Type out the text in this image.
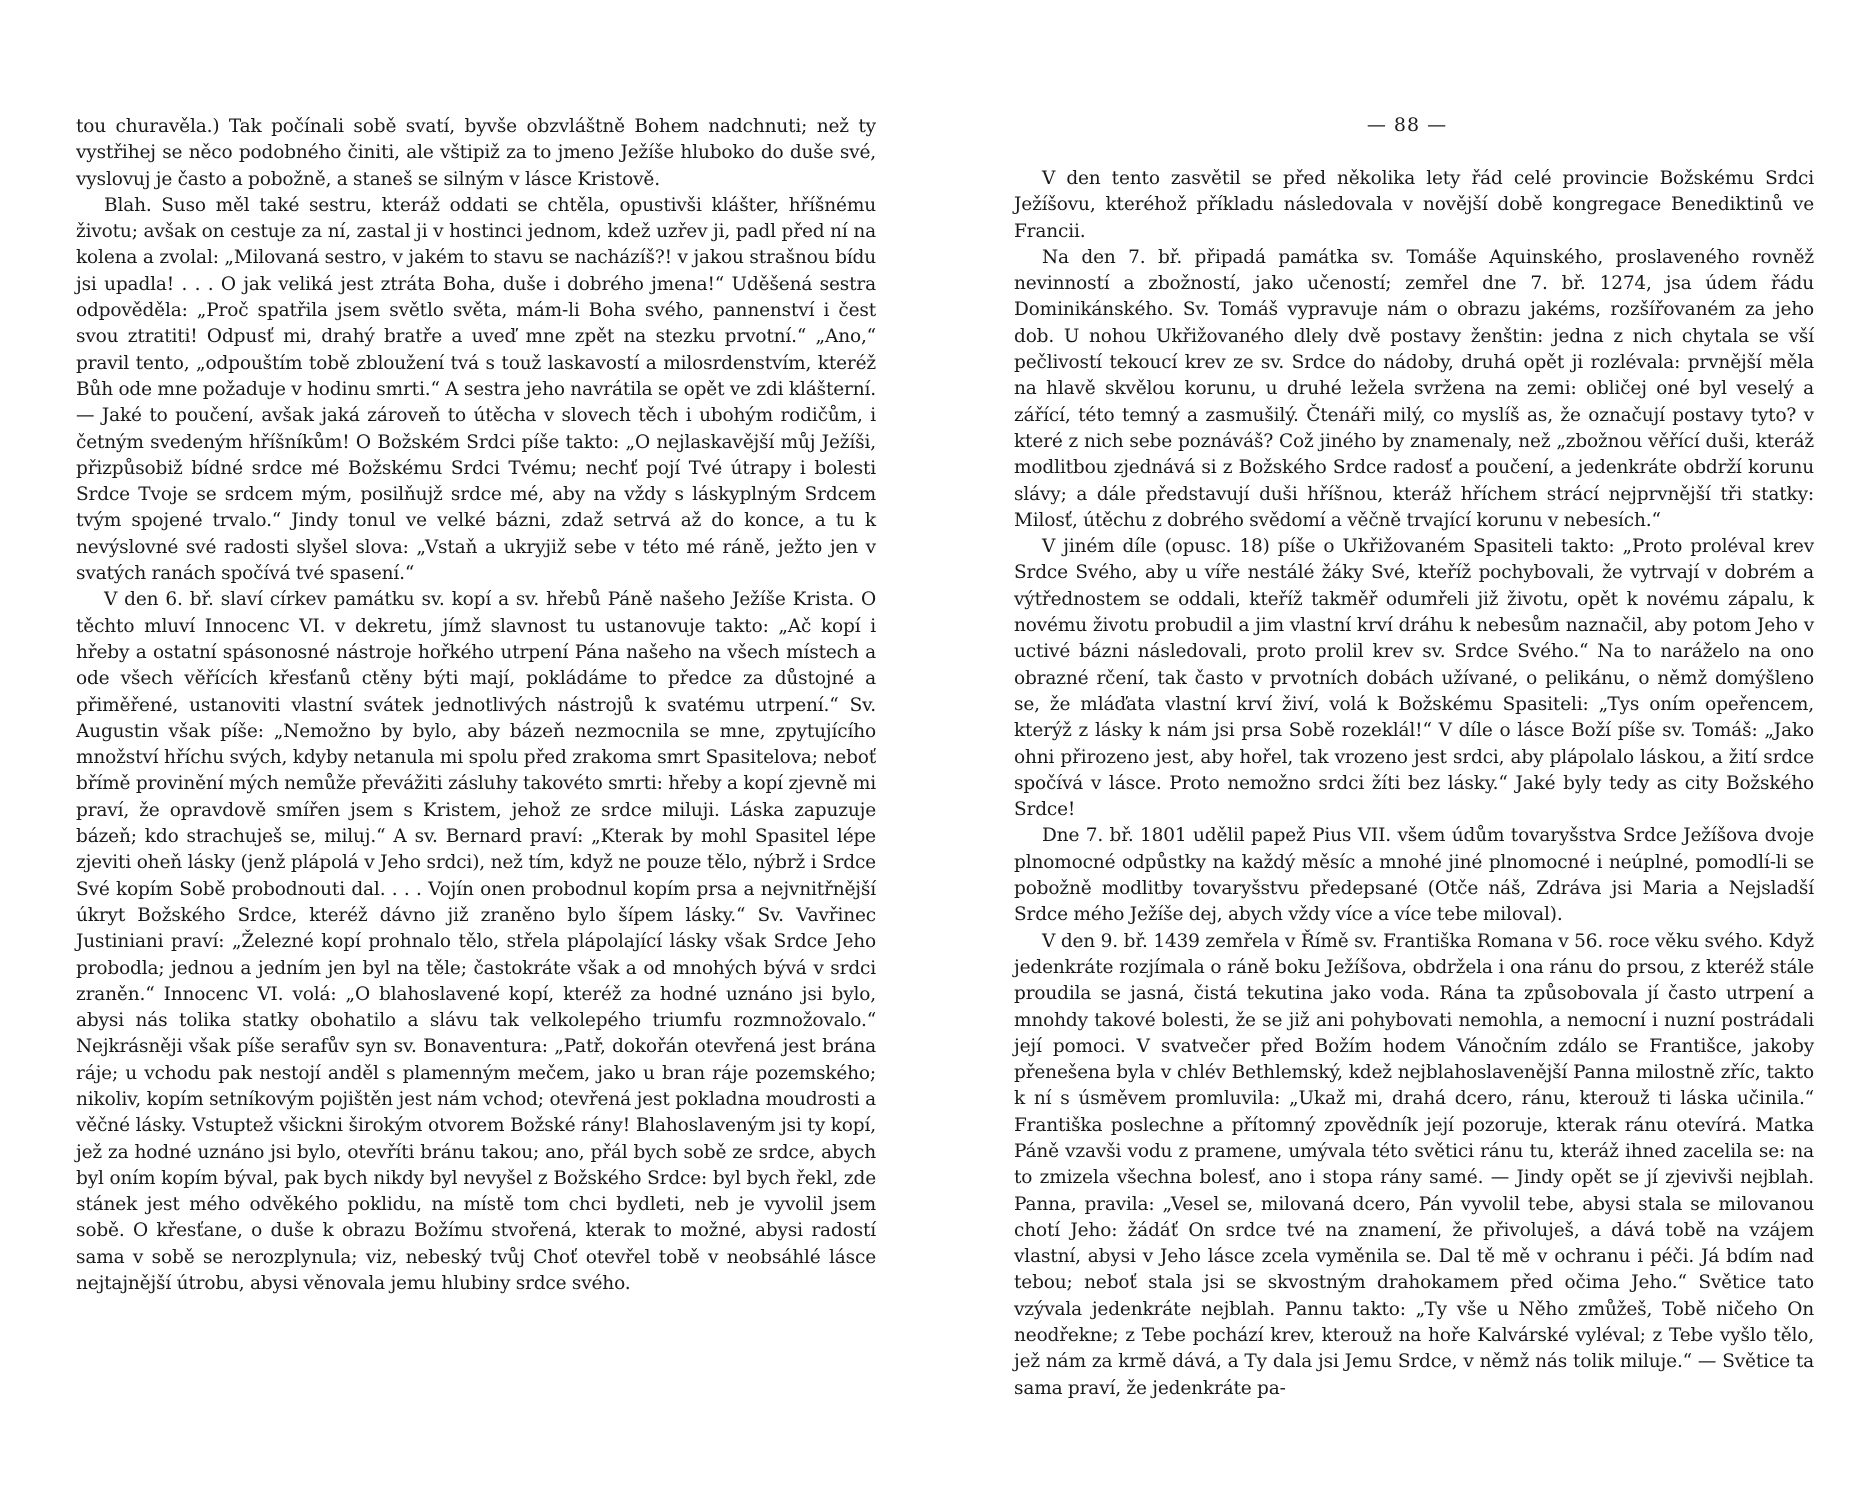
tou churavěla.) Tak počínali sobě svatí, byvše obzvláštně Bohem nadchnuti; než ty vystřihej se něco podobného činiti, ale vštipiž za to jmeno Ježíše hluboko do duše své, vyslovuj je často a pobožně, a staneš se silným v lásce Kristově.

Blah. Suso měl také sestru, kteráž oddati se chtěla, opustivši klášter, hříšnému životu; avšak on cestuje za ní, zastal ji v hostinci jednom, kdež uzřev ji, padl před ní na kolena a zvolal: „Milovaná sestro, v jakém to stavu se nacházíš?! v jakou strašnou bídu jsi upadla! . . . O jak veliká jest ztráta Boha, duše i dobrého jmena!“ Uděšená sestra odpověděla: „Proč spatřila jsem světlo světa, mám-li Boha svého, pannenství i čest svou ztratiti! Odpusť mi, drahý bratře a uveď mne zpět na stezku prvotní.“ „Ano,“ pravil tento, „odpouštím tobě zbloužení tvá s touž laskavostí a milosrdenstvím, kteréž Bůh ode mne požaduje v hodinu smrti.“ A sestra jeho navrátila se opět ve zdi klášterní. — Jaké to poučení, avšak jaká zároveň to útěcha v slovech těch i ubohým rodičům, i četným svedeným hříšníkům! O Božském Srdci píše takto: „O nejlaskavější můj Ježíši, přizpůsobiž bídné srdce mé Božskému Srdci Tvému; nechť pojí Tvé útrapy i bolesti Srdce Tvoje se srdcem mým, posilňujž srdce mé, aby na vždy s láskyplným Srdcem tvým spojené trvalo.“ Jindy tonul ve velké bázni, zdaž setrvá až do konce, a tu k nevýslovné své radosti slyšel slova: „Vstaň a ukryjiž sebe v této mé ráně, ježto jen v svatých ranách spočívá tvé spasení.“

V den 6. bř. slaví církev památku sv. kopí a sv. hřebů Páně našeho Ježíše Krista. O těchto mluví Innocenc VI. v dekretu, jímž slavnost tu ustanovuje takto: „Ač kopí i hřeby a ostatní spásonosné nástroje hořkého utrpení Pána našeho na všech místech a ode všech věřících křesťanů ctěny býti mají, pokládáme to předce za důstojné a přiměřené, ustanoviti vlastní svátek jednotlivých nástrojů k svatému utrpení.“ Sv. Augustin však píše: „Nemožno by bylo, aby bázeň nezmocnila se mne, zpytujícího množství hříchu svých, kdyby netanula mi spolu před zrakoma smrt Spasitelova; neboť břímě provinění mých nemůže převážiti zásluhy takovéto smrti: hřeby a kopí zjevně mi praví, že opravdově smířen jsem s Kristem, jehož ze srdce miluji. Láska zapuzuje bázeň; kdo strachuješ se, miluj.“ A sv. Bernard praví: „Kterak by mohl Spasitel lépe zjeviti oheň lásky (jenž plápolá v Jeho srdci), než tím, když ne pouze tělo, nýbrž i Srdce Své kopím Sobě probodnouti dal. . . . Vojín onen probodnul kopím prsa a nejvnitřnější úkryt Božského Srdce, kteréž dávno již zraněno bylo šípem lásky.“ Sv. Vavřinec Justiniani praví: „Železné kopí prohnalo tělo, střela plápolající lásky však Srdce Jeho probodla; jednou a jedním jen byl na těle; častokráte však a od mnohých bývá v srdci zraněn.“ Innocenc VI. volá: „O blahoslavené kopí, kteréž za hodné uznáno jsi bylo, abysi nás tolika statky obohatilo a slávu tak velkolepého triumfu rozmnožovalo.“ Nejkrásněji však píše serafův syn sv. Bonaventura: „Patř, dokořán otevřená jest brána ráje; u vchodu pak nestojí anděl s plamenným mečem, jako u bran ráje pozemského; nikoliv, kopím setníkovým pojištěn jest nám vchod; otevřená jest pokladna moudrosti a věčné lásky. Vstuptež všickni širokým otvorem Božské rány! Blahoslaveným jsi ty kopí, jež za hodné uznáno jsi bylo, otevříti bránu takou; ano, přál bych sobě ze srdce, abych byl oním kopím býval, pak bych nikdy byl nevyšel z Božského Srdce: byl bych řekl, zde stánek jest mého odvěkého poklidu, na místě tom chci bydleti, neb je vyvolil jsem sobě. O křesťane, o duše k obrazu Božímu stvořená, kterak to možné, abysi radostí sama v sobě se nerozplynula; viz, nebeský tvůj Choť otevřel tobě v neobsáhlé lásce nejtajnější útrobu, abysi věnovala jemu hlubiny srdce svého.

— 88 —

V den tento zasvětil se před několika lety řád celé provincie Božskému Srdci Ježíšovu, kteréhož příkladu následovala v novější době kongregace Benediktinů ve Francii.

Na den 7. bř. připadá památka sv. Tomáše Aquinského, proslaveného rovněž nevinností a zbožností, jako učeností; zemřel dne 7. bř. 1274, jsa údem řádu Dominikánského. Sv. Tomáš vypravuje nám o obrazu jakéms, rozšířovaném za jeho dob. U nohou Ukřižovaného dlely dvě postavy ženštin: jedna z nich chytala se vší pečlivostí tekoucí krev ze sv. Srdce do nádoby, druhá opět ji rozlévala: prvnější měla na hlavě skvělou korunu, u druhé ležela svržena na zemi: obličej oné byl veselý a zářící, této temný a zasmušilý. Čtenáři milý, co myslíš as, že označují postavy tyto? v které z nich sebe poznáváš? Což jiného by znamenaly, než „zbožnou věřící duši, kteráž modlitbou zjednává si z Božského Srdce radosť a poučení, a jedenkráte obdrží korunu slávy; a dále představují duši hříšnou, kteráž hříchem strácí nejprvnější tři statky: Milosť, útěchu z dobrého svědomí a věčně trvající korunu v nebesích.“

V jiném díle (opusc. 18) píše o Ukřižovaném Spasiteli takto: „Proto proléval krev Srdce Svého, aby u víře nestálé žáky Své, kteříž pochybovali, že vytrvají v dobrém a výtřednostem se oddali, kteříž takměř odumřeli již životu, opět k novému zápalu, k novému životu probudil a jim vlastní krví dráhu k nebesům naznačil, aby potom Jeho v uctivé bázni následovali, proto prolil krev sv. Srdce Svého.“ Na to naráželo na ono obrazné rčení, tak často v prvotních dobách užívané, o pelikánu, o němž domýšleno se, že mláďata vlastní krví živí, volá k Božskému Spasiteli: „Tys oním opeřencem, kterýž z lásky k nám jsi prsa Sobě rozeklál!“ V díle o lásce Boží píše sv. Tomáš: „Jako ohni přirozeno jest, aby hořel, tak vrozeno jest srdci, aby plápolalo láskou, a žití srdce spočívá v lásce. Proto nemožno srdci žíti bez lásky.“ Jaké byly tedy as city Božského Srdce!

Dne 7. bř. 1801 udělil papež Pius VII. všem údům tovaryšstva Srdce Ježíšova dvoje plnomocné odpůstky na každý měsíc a mnohé jiné plnomocné i neúplné, pomodlí-li se pobožně modlitby tovaryšstvu předepsané (Otče náš, Zdráva jsi Maria a Nejsladší Srdce mého Ježíše dej, abych vždy více a více tebe miloval).

V den 9. bř. 1439 zemřela v Římě sv. Františka Romana v 56. roce věku svého. Když jedenkráte rozjímala o ráně boku Ježíšova, obdržela i ona ránu do prsou, z kteréž stále proudila se jasná, čistá tekutina jako voda. Rána ta způsobovala jí často utrpení a mnohdy takové bolesti, že se již ani pohybovati nemohla, a nemocní i nuzní postrádali její pomoci. V svatvečer před Božím hodem Vánočním zdálo se Františce, jakoby přenešena byla v chlév Bethlemský, kdež nejblahoslavenější Panna milostně zříc, takto k ní s úsměvem promluvila: „Ukaž mi, drahá dcero, ránu, kterouž ti láska učinila.“ Františka poslechne a přítomný zpovědník její pozoruje, kterak ránu otevírá. Matka Páně vzavši vodu z pramene, umývala této světici ránu tu, kteráž ihned zacelila se: na to zmizela všechna bolesť, ano i stopa rány samé. — Jindy opět se jí zjevivši nejblah. Panna, pravila: „Vesel se, milovaná dcero, Pán vyvolil tebe, abysi stala se milovanou chotí Jeho: žádáť On srdce tvé na znamení, že přivoluješ, a dává tobě na vzájem vlastní, abysi v Jeho lásce zcela vyměnila se. Dal tě mě v ochranu i péči. Já bdím nad tebou; neboť stala jsi se skvostným drahokamem před očima Jeho.“ Světice tato vzývala jedenkráte nejblah. Pannu takto: „Ty vše u Něho zmůžeš, Tobě ničeho On neodřekne; z Tebe pochází krev, kterouž na hoře Kalvárské vyléval; z Tebe vyšlo tělo, jež nám za krmě dává, a Ty dala jsi Jemu Srdce, v němž nás tolik miluje.“ — Světice ta sama praví, že jedenkráte pa-
